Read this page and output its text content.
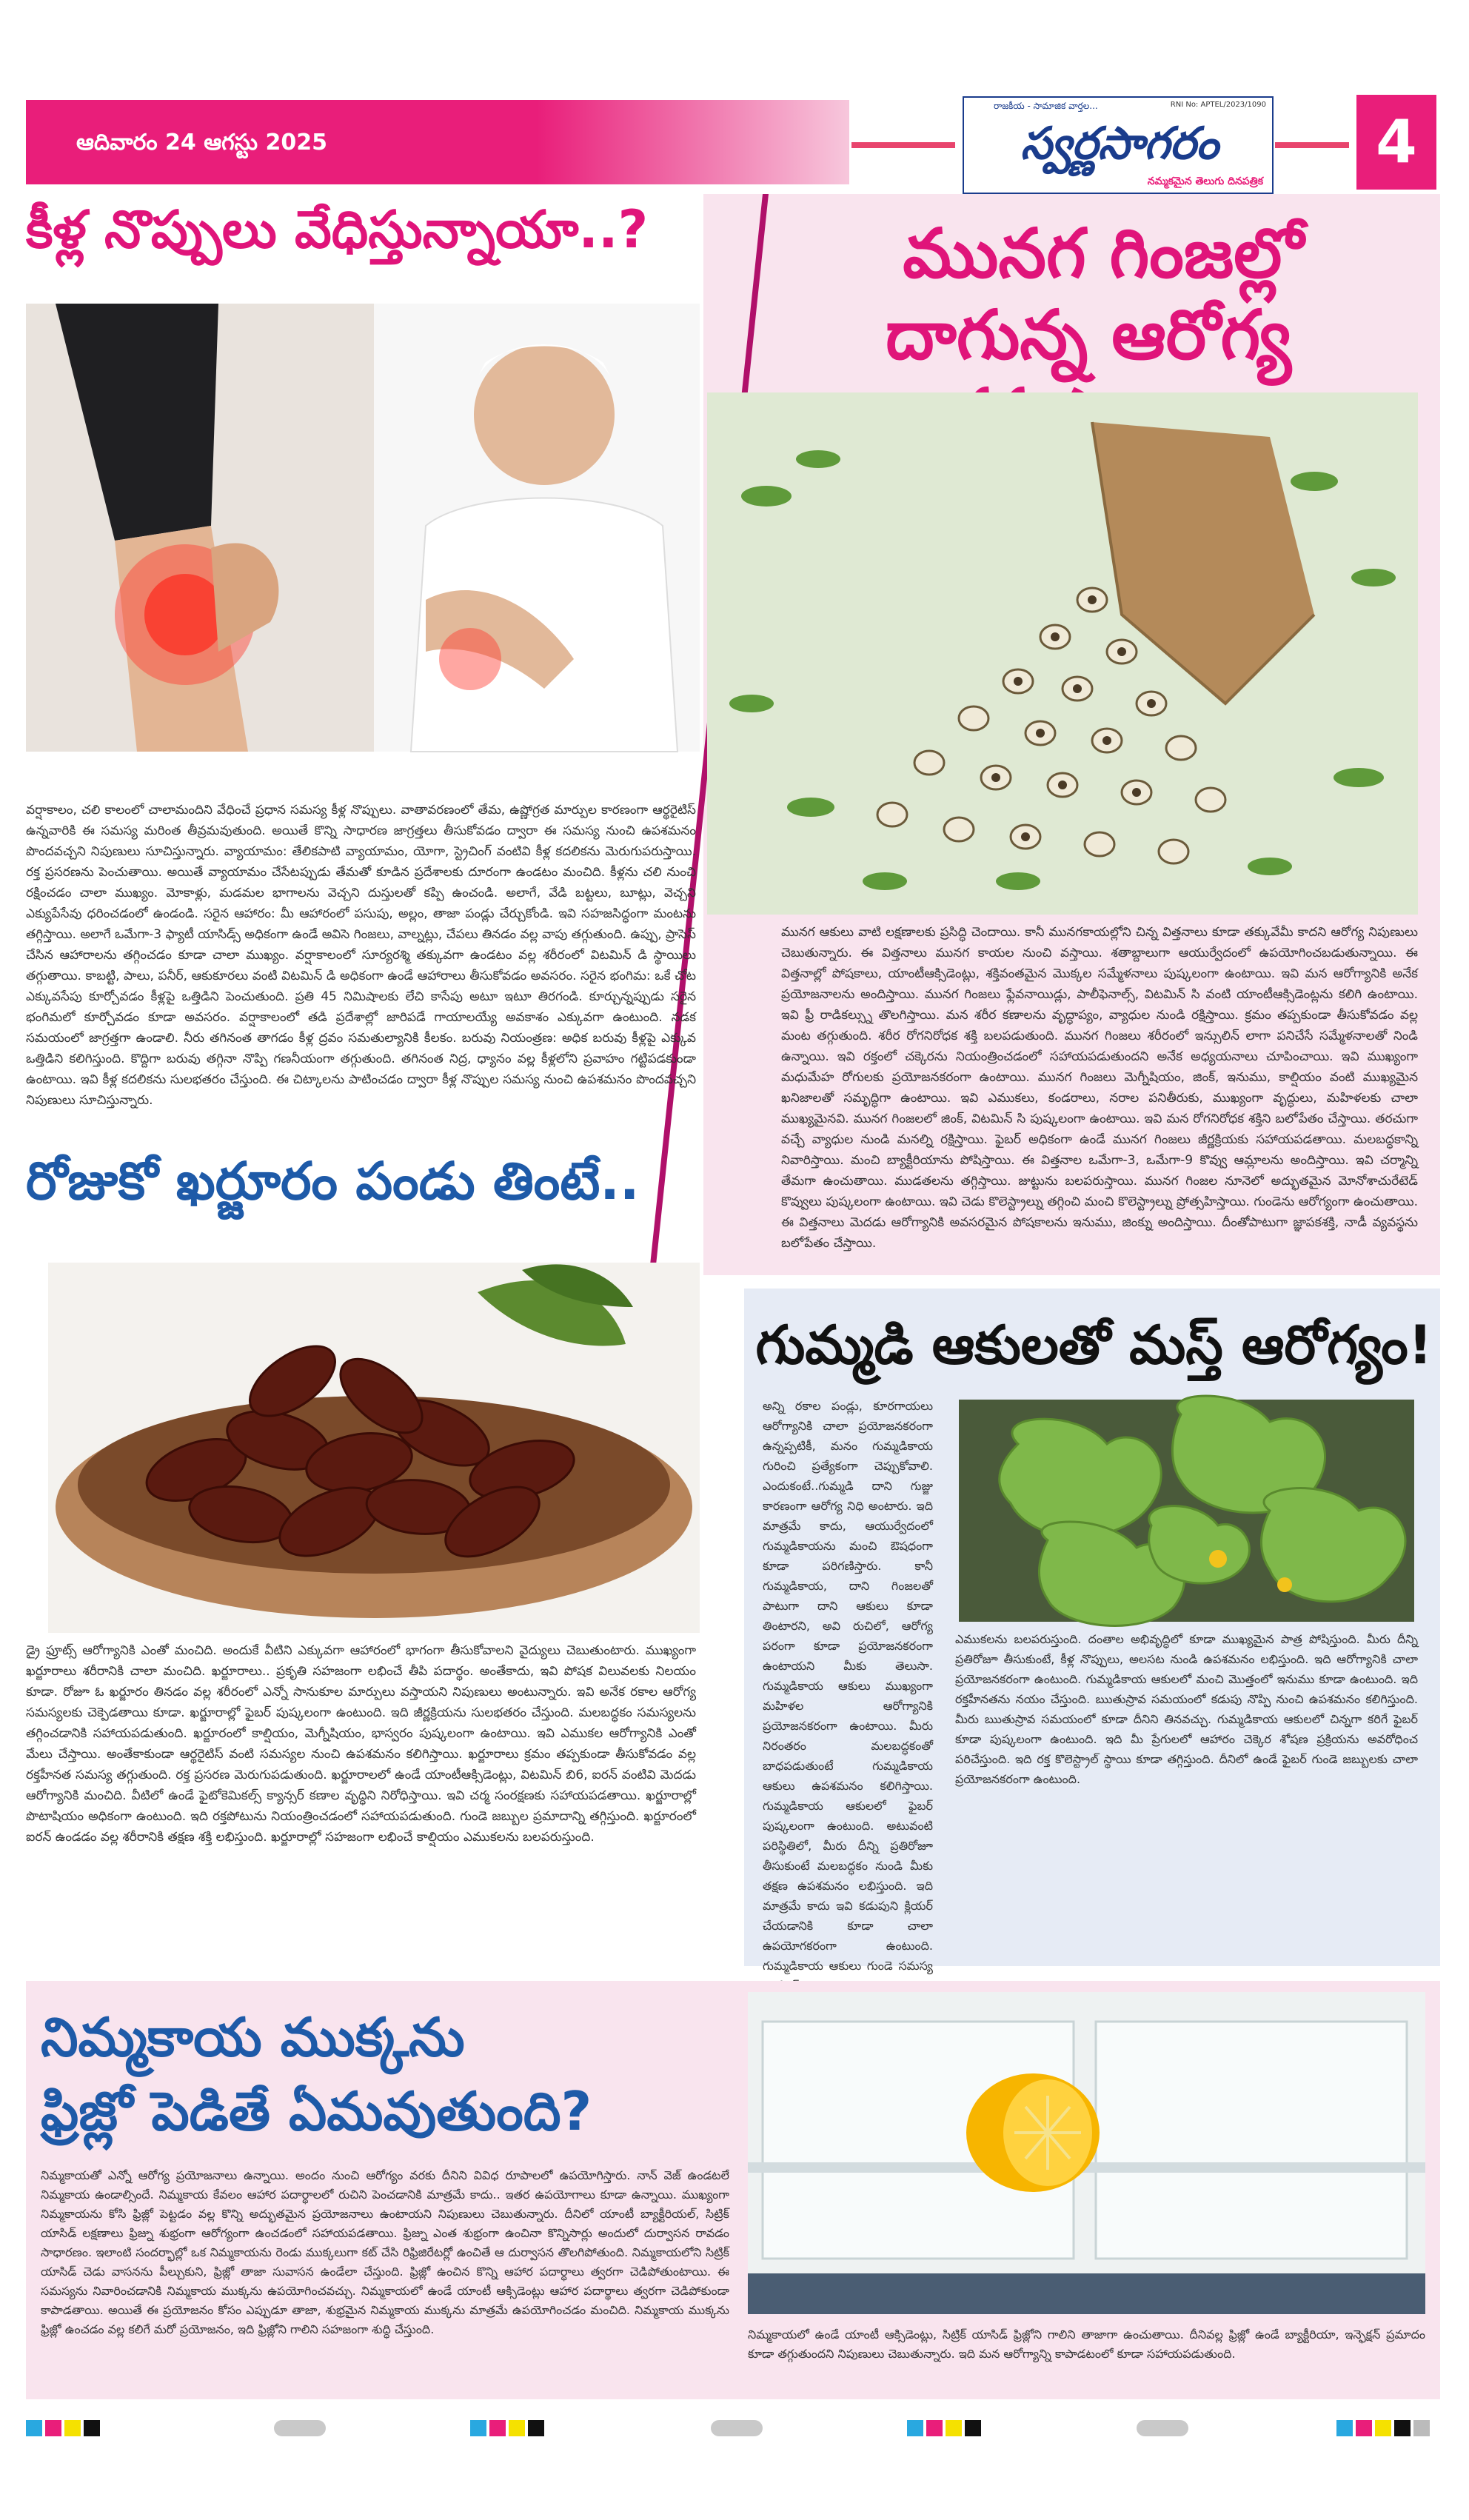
ఆదివారం 24 ఆగస్టు 2025
రాజకీయ - సామాజిక వార్తల...	RNI No: APTEL/2023/1090
స్వర్ణసాగరం
నమ్మకమైన తెలుగు దినపత్రిక
4
మునగ గింజల్లో
దాగున్న ఆరోగ్య
మునగ ఆకులు వాటి లక్షణాలకు ప్రసిద్ధి చెందాయి. కానీ మునగకాయల్లోని చిన్న విత్తనాలు కూడా తక్కువేమీ కాదని ఆరోగ్య నిపుణులు చెబుతున్నారు. ఈ విత్తనాలు మునగ కాయల నుంచి వస్తాయి. శతాబ్దాలుగా ఆయుర్వేదంలో ఉపయోగించబడుతున్నాయి. ఈ విత్తనాల్లో పోషకాలు, యాంటీఆక్సిడెంట్లు, శక్తివంతమైన మొక్కల సమ్మేళనాలు పుష్కలంగా ఉంటాయి. ఇవి మన ఆరోగ్యానికి అనేక ప్రయోజనాలను అందిస్తాయి. మునగ గింజలు ఫ్లేవనాయిడ్లు, పాలీఫెనాల్స్, విటమిన్ సి వంటి యాంటీఆక్సిడెంట్లను కలిగి ఉంటాయి. ఇవి ఫ్రీ రాడికల్స్ను తొలగిస్తాయి. మన శరీర కణాలను వృద్ధాప్యం, వ్యాధుల నుండి రక్షిస్తాయి. క్రమం తప్పకుండా తీసుకోవడం వల్ల మంట తగ్గుతుంది. శరీర రోగనిరోధక శక్తి బలపడుతుంది. మునగ గింజలు శరీరంలో ఇన్సులిన్ లాగా పనిచేసే సమ్మేళనాలతో నిండి ఉన్నాయి. ఇవి రక్తంలో చక్కెరను నియంత్రించడంలో సహాయపడుతుందని అనేక అధ్యయనాలు చూపించాయి. ఇవి ముఖ్యంగా మధుమేహ రోగులకు ప్రయోజనకరంగా ఉంటాయి. మునగ గింజలు మెగ్నీషియం, జింక్, ఇనుము, కాల్షియం వంటి ముఖ్యమైన ఖనిజాలతో సమృద్ధిగా ఉంటాయి. ఇవి ఎముకలు, కండరాలు, నరాల పనితీరుకు, ముఖ్యంగా వృద్ధులు, మహిళలకు చాలా ముఖ్యమైనవి. మునగ గింజలలో జింక్, విటమిన్ సి పుష్కలంగా ఉంటాయి. ఇవి మన రోగనిరోధక శక్తిని బలోపేతం చేస్తాయి. తరచుగా వచ్చే వ్యాధుల నుండి మనల్ని రక్షిస్తాయి. ఫైబర్ అధికంగా ఉండే మునగ గింజలు జీర్ణక్రియకు సహాయపడతాయి. మలబద్ధకాన్ని నివారిస్తాయి. మంచి బ్యాక్టీరియాను పోషిస్తాయి. ఈ విత్తనాల ఒమేగా-3, ఒమేగా-9 కొవ్వు ఆమ్లాలను అందిస్తాయి. ఇవి చర్మాన్ని తేమగా ఉంచుతాయి. ముడతలను తగ్గిస్తాయి. జుట్టును బలపరుస్తాయి. మునగ గింజల నూనెలో అద్భుతమైన మోనోశాచురేటెడ్ కొవ్వులు పుష్కలంగా ఉంటాయి. ఇవి చెడు కొలెస్ట్రాల్ను తగ్గించి మంచి కొలెస్ట్రాల్ను ప్రోత్సహిస్తాయి. గుండెను ఆరోగ్యంగా ఉంచుతాయి. ఈ విత్తనాలు మెదడు ఆరోగ్యానికి అవసరమైన పోషకాలను ఇనుము, జింక్ను అందిస్తాయి. దీంతోపాటుగా జ్ఞాపకశక్తి, నాడీ వ్యవస్థను బలోపేతం చేస్తాయి.
కీళ్ల నొప్పులు వేధిస్తున్నాయా..?
వర్షాకాలం, చలి కాలంలో చాలామందిని వేధించే ప్రధాన సమస్య కీళ్ల నొప్పులు. వాతావరణంలో తేమ, ఉష్ణోగ్రత మార్పుల కారణంగా ఆర్థరైటిస్ ఉన్నవారికి ఈ సమస్య మరింత తీవ్రమవుతుంది. అయితే కొన్ని సాధారణ జాగ్రత్తలు తీసుకోవడం ద్వారా ఈ సమస్య నుంచి ఉపశమనం పొందవచ్చని నిపుణులు సూచిస్తున్నారు. వ్యాయామం: తేలికపాటి వ్యాయామం, యోగా, స్ట్రెచింగ్ వంటివి కీళ్ల కదలికను మెరుగుపరుస్తాయి. రక్త ప్రసరణను పెంచుతాయి. అయితే వ్యాయామం చేసేటప్పుడు తేమతో కూడిన ప్రదేశాలకు దూరంగా ఉండటం మంచిది. కీళ్లను చలి నుంచి రక్షించడం చాలా ముఖ్యం. మోకాళ్లు, మడమల భాగాలను వెచ్చని దుస్తులతో కప్పి ఉంచండి. అలాగే, వేడి బట్టలు, బూట్లు, వెచ్చని ఎక్యుపేసేవు ధరించడంలో ఉండండి. సరైన ఆహారం: మీ ఆహారంలో పసుపు, అల్లం, తాజా పండ్లు చేర్చుకోండి. ఇవి సహజసిద్ధంగా మంటను తగ్గిస్తాయి. అలాగే ఒమేగా-3 ఫ్యాటీ యాసిడ్స్ అధికంగా ఉండే అవిసె గింజలు, వాల్నట్లు, చేపలు తినడం వల్ల వాపు తగ్గుతుంది. ఉప్పు, ప్రాసెస్ చేసిన ఆహారాలను తగ్గించడం కూడా చాలా ముఖ్యం. వర్షాకాలంలో సూర్యరశ్మి తక్కువగా ఉండటం వల్ల శరీరంలో విటమిన్ డి స్థాయిలు తగ్గుతాయి. కాబట్టి, పాలు, పనీర్, ఆకుకూరలు వంటి విటమిన్ డి అధికంగా ఉండే ఆహారాలు తీసుకోవడం అవసరం. సరైన భంగిమ: ఒకే చోట ఎక్కువసేపు కూర్చోవడం కీళ్లపై ఒత్తిడిని పెంచుతుంది. ప్రతి 45 నిమిషాలకు లేచి కాసేపు అటూ ఇటూ తిరగండి. కూర్చున్నప్పుడు సరైన భంగిమలో కూర్చోవడం కూడా అవసరం. వర్షాకాలంలో తడి ప్రదేశాల్లో జారిపడే గాయాలయ్యే అవకాశం ఎక్కువగా ఉంటుంది. నడక సమయంలో జాగ్రత్తగా ఉండాలి. నీరు తగినంత తాగడం కీళ్ల ద్రవం సమతుల్యానికి కీలకం. బరువు నియంత్రణ: అధిక బరువు కీళ్లపై ఎక్కువ ఒత్తిడిని కలిగిస్తుంది. కొద్దిగా బరువు తగ్గినా నొప్పి గణనీయంగా తగ్గుతుంది. తగినంత నిద్ర, ధ్యానం వల్ల కీళ్లలోని ప్రవాహం గట్టిపడకుండా ఉంటాయి. ఇవి కీళ్ల కదలికను సులభతరం చేస్తుంది. ఈ చిట్కాలను పాటించడం ద్వారా కీళ్ల నొప్పుల సమస్య నుంచి ఉపశమనం పొందవచ్చని నిపుణులు సూచిస్తున్నారు.
రోజుకో ఖర్జూరం పండు తింటే..
డ్రై ఫ్రూట్స్ ఆరోగ్యానికి ఎంతో మంచిది. అందుకే వీటిని ఎక్కువగా ఆహారంలో భాగంగా తీసుకోవాలని వైద్యులు చెబుతుంటారు. ముఖ్యంగా ఖర్జూరాలు శరీరానికి చాలా మంచిది. ఖర్జూరాలు.. ప్రకృతి సహజంగా లభించే తీపి పదార్థం. అంతేకాదు, ఇవి పోషక విలువలకు నిలయం కూడా. రోజూ ఓ ఖర్జూరం తినడం వల్ల శరీరంలో ఎన్నో సానుకూల మార్పులు వస్తాయని నిపుణులు అంటున్నారు. ఇవి అనేక రకాల ఆరోగ్య సమస్యలకు చెక్పెడతాయి కూడా. ఖర్జూరాల్లో ఫైబర్ పుష్కలంగా ఉంటుంది. ఇది జీర్ణక్రియను సులభతరం చేస్తుంది. మలబద్ధకం సమస్యలను తగ్గించడానికి సహాయపడుతుంది. ఖర్జూరంలో కాల్షియం, మెగ్నీషియం, భాస్వరం పుష్కలంగా ఉంటాయి. ఇవి ఎముకల ఆరోగ్యానికి ఎంతో మేలు చేస్తాయి. అంతేకాకుండా ఆర్థరైటిస్ వంటి సమస్యల నుంచి ఉపశమనం కలిగిస్తాయి. ఖర్జూరాలు క్రమం తప్పకుండా తీసుకోవడం వల్ల రక్తహీనత సమస్య తగ్గుతుంది. రక్త ప్రసరణ మెరుగుపడుతుంది. ఖర్జూరాలలో ఉండే యాంటీఆక్సిడెంట్లు, విటమిన్ బి6, ఐరన్ వంటివి మెదడు ఆరోగ్యానికి మంచిది. వీటిలో ఉండే ఫైటోకెమికల్స్ క్యాన్సర్ కణాల వృద్ధిని నిరోధిస్తాయి. ఇవి చర్మ సంరక్షణకు సహాయపడతాయి. ఖర్జూరాల్లో పొటాషియం అధికంగా ఉంటుంది. ఇది రక్తపోటును నియంత్రించడంలో సహాయపడుతుంది. గుండె జబ్బుల ప్రమాదాన్ని తగ్గిస్తుంది. ఖర్జూరంలో ఐరన్ ఉండడం వల్ల శరీరానికి తక్షణ శక్తి లభిస్తుంది. ఖర్జూరాల్లో సహజంగా లభించే కాల్షియం ఎముకలను బలపరుస్తుంది.
గుమ్మడి ఆకులతో మస్త్ ఆరోగ్యం!
అన్ని రకాల పండ్లు, కూరగాయలు ఆరోగ్యానికి చాలా ప్రయోజనకరంగా ఉన్నప్పటికీ, మనం గుమ్మడికాయ గురించి ప్రత్యేకంగా చెప్పుకోవాలి. ఎందుకంటే..గుమ్మడి దాని గుజ్జు కారణంగా ఆరోగ్య నిధి అంటారు. ఇది మాత్రమే కాదు, ఆయుర్వేదంలో గుమ్మడికాయను మంచి ఔషధంగా కూడా పరిగణిస్తారు. కానీ గుమ్మడికాయ, దాని గింజలతో పాటుగా దాని ఆకులు కూడా తింటారని, అవి రుచిలో, ఆరోగ్య పరంగా కూడా ప్రయోజనకరంగా ఉంటాయని మీకు తెలుసా. గుమ్మడికాయ ఆకులు ముఖ్యంగా మహిళల ఆరోగ్యానికి ప్రయోజనకరంగా ఉంటాయి. మీరు నిరంతరం మలబద్ధకంతో బాధపడుతుంటే గుమ్మడికాయ ఆకులు ఉపశమనం కలిగిస్తాయి. గుమ్మడికాయ ఆకులలో ఫైబర్ పుష్కలంగా ఉంటుంది. అటువంటి పరిస్థితిలో, మీరు దీన్ని ప్రతిరోజూ తీసుకుంటే మలబద్ధకం నుండి మీకు తక్షణ ఉపశమనం లభిస్తుంది. ఇది మాత్రమే కాదు ఇవి కడుపుని క్లియర్ చేయడానికి కూడా చాలా ఉపయోగకరంగా ఉంటుంది. గుమ్మడికాయ ఆకులు గుండె సమస్య
ఎముకలను బలపరుస్తుంది. దంతాల అభివృద్ధిలో కూడా ముఖ్యమైన పాత్ర పోషిస్తుంది. మీరు దీన్ని ప్రతిరోజూ తీసుకుంటే, కీళ్ల నొప్పులు, అలసట నుండి ఉపశమనం లభిస్తుంది. ఇది ఆరోగ్యానికి చాలా ప్రయోజనకరంగా ఉంటుంది. గుమ్మడికాయ ఆకులలో మంచి మొత్తంలో ఇనుము కూడా ఉంటుంది. ఇది రక్తహీనతను నయం చేస్తుంది. ఋతుస్రావ సమయంలో కడుపు నొప్పి నుంచి ఉపశమనం కలిగిస్తుంది. మీరు ఋతుస్రావ సమయంలో కూడా దీనిని తినవచ్చు. గుమ్మడికాయ ఆకులలో చిన్నగా కరిగే ఫైబర్ కూడా పుష్కలంగా ఉంటుంది. ఇది మీ ప్రేగులలో ఆహారం చెక్కెర శోషణ ప్రక్రియను అవరోధించ పరిచేస్తుంది. ఇది రక్త కొలెస్ట్రాల్ స్థాయి కూడా తగ్గిస్తుంది. దీనిలో ఉండే ఫైబర్ గుండె జబ్బులకు చాలా ప్రయోజనకరంగా ఉంటుంది.
నిమ్మకాయ ముక్కను
ఫ్రిజ్లో పెడితే ఏమవుతుంది?
నిమ్మకాయతో ఎన్నో ఆరోగ్య ప్రయోజనాలు ఉన్నాయి. అందం నుంచి ఆరోగ్యం వరకు దీనిని వివిధ రూపాలలో ఉపయోగిస్తారు. నాన్ వెజ్ ఉండటలే నిమ్మకాయ ఉండాల్సిందే. నిమ్మకాయ కేవలం ఆహార పదార్థాలలో రుచిని పెంచడానికి మాత్రమే కాదు.. ఇతర ఉపయోగాలు కూడా ఉన్నాయి. ముఖ్యంగా నిమ్మకాయను కోసి ఫ్రిజ్లో పెట్టడం వల్ల కొన్ని అద్భుతమైన ప్రయోజనాలు ఉంటాయని నిపుణులు చెబుతున్నారు. దీనిలో యాంటీ బ్యాక్టీరియల్, సిట్రిక్ యాసిడ్ లక్షణాలు ఫ్రిజ్ను శుభ్రంగా ఆరోగ్యంగా ఉంచడంలో సహాయపడతాయి. ఫ్రిజ్ను ఎంత శుభ్రంగా ఉంచినా కొన్నిసార్లు అందులో దుర్వాసన రావడం సాధారణం. ఇలాంటి సందర్భాల్లో ఒక నిమ్మకాయను రెండు ముక్కలుగా కట్ చేసి రిఫ్రిజిరేటర్లో ఉంచితే ఆ దుర్వాసన తొలగిపోతుంది. నిమ్మకాయలోని సిట్రిక్ యాసిడ్ చెడు వాసనను పీల్చుకుని, ఫ్రిజ్లో తాజా సువాసన ఉండేలా చేస్తుంది. ఫ్రిజ్లో ఉంచిన కొన్ని ఆహార పదార్థాలు త్వరగా చెడిపోతుంటాయి. ఈ సమస్యను నివారించడానికి నిమ్మకాయ ముక్కను ఉపయోగించవచ్చు. నిమ్మకాయలో ఉండే యాంటీ ఆక్సిడెంట్లు ఆహార పదార్థాలు త్వరగా చెడిపోకుండా కాపాడతాయి. అయితే ఈ ప్రయోజనం కోసం ఎప్పుడూ తాజా, శుభ్రమైన నిమ్మకాయ ముక్కను మాత్రమే ఉపయోగించడం మంచిది. నిమ్మకాయ ముక్కను ఫ్రిజ్లో ఉంచడం వల్ల కలిగే మరో ప్రయోజనం, ఇది ఫ్రిజ్లోని గాలిని సహజంగా శుద్ధి చేస్తుంది.	నిమ్మకాయలో ఉండే యాంటీ ఆక్సిడెంట్లు, సిట్రిక్ యాసిడ్ ఫ్రిజ్లోని గాలిని తాజాగా ఉంచుతాయి. దీనివల్ల ఫ్రిజ్లో ఉండే బ్యాక్టీరియా, ఇన్ఫెక్షన్ ప్రమాదం కూడా తగ్గుతుందని నిపుణులు చెబుతున్నారు. ఇది మన ఆరోగ్యాన్ని కాపాడటంలో కూడా సహాయపడుతుంది.
